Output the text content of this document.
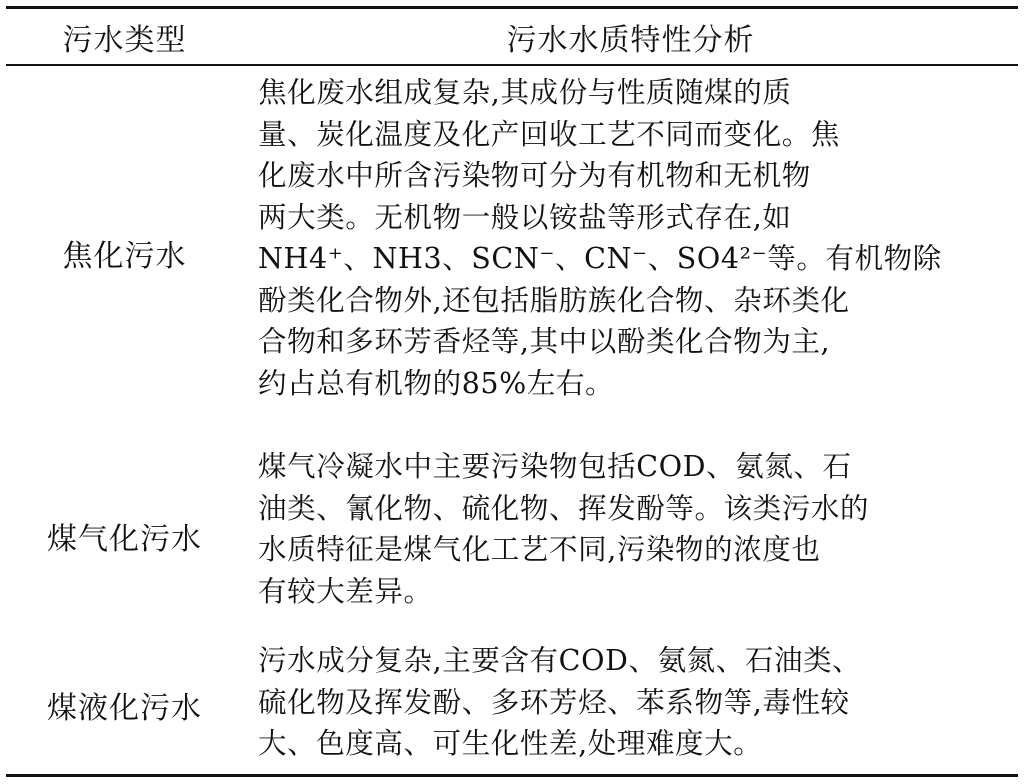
污水类型	污水水质特性分析
焦化污水
焦化废水组成复杂,其成份与性质随煤的质
量、炭化温度及化产回收工艺不同而变化。焦
化废水中所含污染物可分为有机物和无机物
两大类。无机物一般以铵盐等形式存在,如
NH4⁺、NH3、SCN⁻、CN⁻、SO4²⁻等。有机物除
酚类化合物外,还包括脂肪族化合物、杂环类化
合物和多环芳香烃等,其中以酚类化合物为主,
约占总有机物的85%左右。
煤气化污水
煤气冷凝水中主要污染物包括COD、氨氮、石
油类、氰化物、硫化物、挥发酚等。该类污水的
水质特征是煤气化工艺不同,污染物的浓度也
有较大差异。
煤液化污水
污水成分复杂,主要含有COD、氨氮、石油类、
硫化物及挥发酚、多环芳烃、苯系物等,毒性较
大、色度高、可生化性差,处理难度大。
